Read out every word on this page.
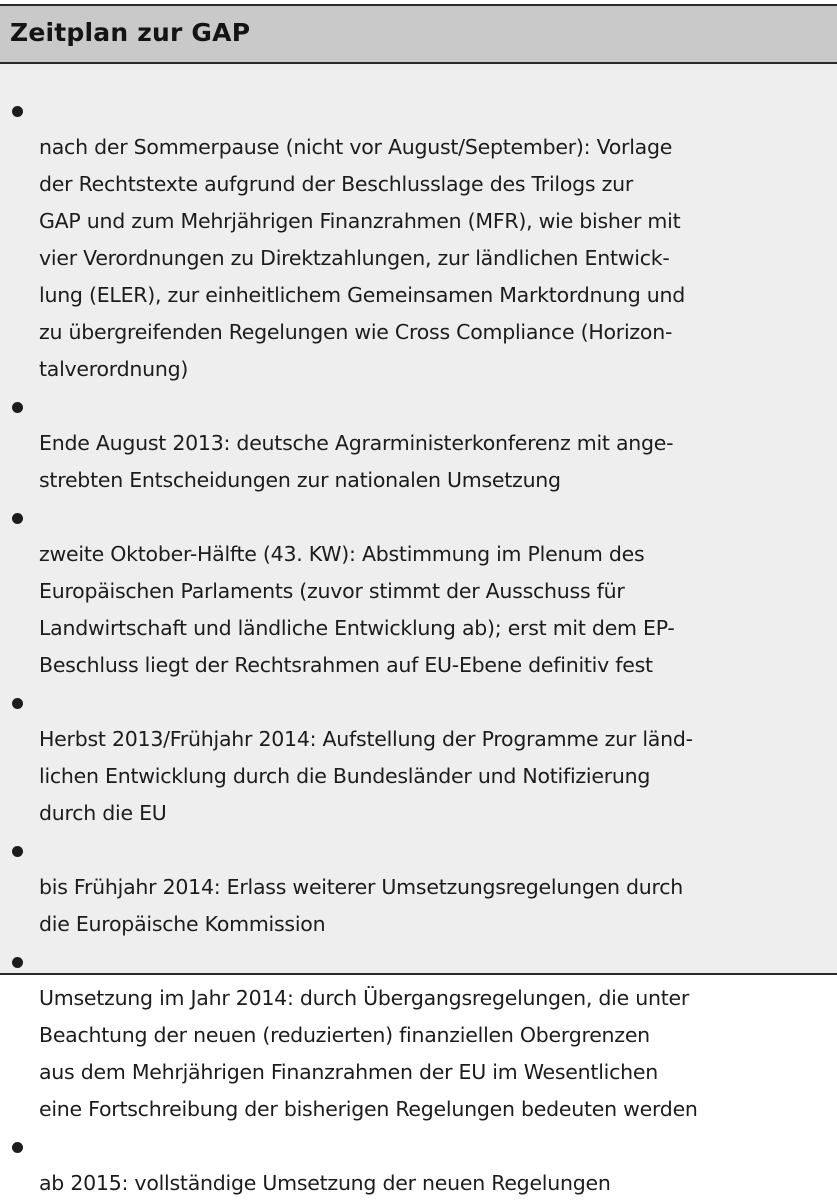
Zeitplan zur GAP

nach der Sommerpause (nicht vor August/September): Vorlage
der Rechtstexte aufgrund der Beschlusslage des Trilogs zur
GAP und zum Mehrjährigen Finanzrahmen (MFR), wie bisher mit
vier Verordnungen zu Direktzahlungen, zur ländlichen Entwick-
lung (ELER), zur einheitlichem Gemeinsamen Marktordnung und
zu übergreifenden Regelungen wie Cross Compliance (Horizon-
talverordnung)

Ende August 2013: deutsche Agrarministerkonferenz mit ange-
strebten Entscheidungen zur nationalen Umsetzung

zweite Oktober-Hälfte (43. KW): Abstimmung im Plenum des
Europäischen Parlaments (zuvor stimmt der Ausschuss für
Landwirtschaft und ländliche Entwicklung ab); erst mit dem EP-
Beschluss liegt der Rechtsrahmen auf EU-Ebene definitiv fest

Herbst 2013/Frühjahr 2014: Aufstellung der Programme zur länd-
lichen Entwicklung durch die Bundesländer und Notifizierung
durch die EU

bis Frühjahr 2014: Erlass weiterer Umsetzungsregelungen durch
die Europäische Kommission

Umsetzung im Jahr 2014: durch Übergangsregelungen, die unter
Beachtung der neuen (reduzierten) finanziellen Obergrenzen
aus dem Mehrjährigen Finanzrahmen der EU im Wesentlichen
eine Fortschreibung der bisherigen Regelungen bedeuten werden

ab 2015: vollständige Umsetzung der neuen Regelungen
